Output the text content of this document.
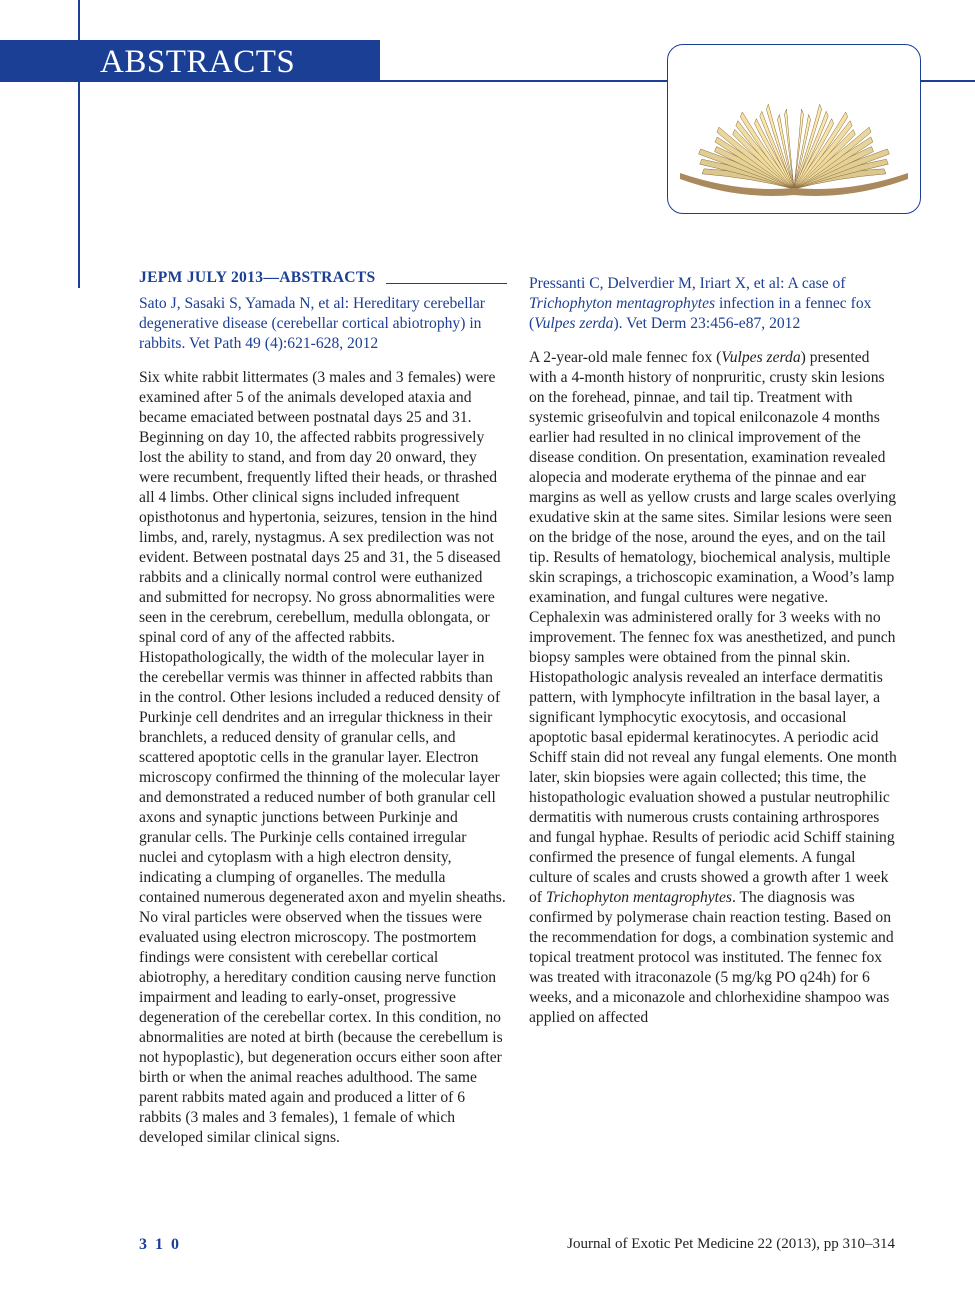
ABSTRACTS
JEPM JULY 2013—ABSTRACTS
Sato J, Sasaki S, Yamada N, et al: Hereditary cerebellar degenerative disease (cerebellar cortical abiotrophy) in rabbits. Vet Path 49 (4):621-628, 2012
Six white rabbit littermates (3 males and 3 females) were examined after 5 of the animals developed ataxia and became emaciated between postnatal days 25 and 31. Beginning on day 10, the affected rabbits progressively lost the ability to stand, and from day 20 onward, they were recumbent, frequently lifted their heads, or thrashed all 4 limbs. Other clinical signs included infrequent opisthotonus and hypertonia, seizures, tension in the hind limbs, and, rarely, nystagmus. A sex predilection was not evident. Between postnatal days 25 and 31, the 5 diseased rabbits and a clinically normal control were euthanized and submitted for necropsy. No gross abnormalities were seen in the cerebrum, cerebellum, medulla oblongata, or spinal cord of any of the affected rabbits. Histopathologically, the width of the molecular layer in the cerebellar vermis was thinner in affected rabbits than in the control. Other lesions included a reduced density of Purkinje cell dendrites and an irregular thickness in their branchlets, a reduced density of granular cells, and scattered apoptotic cells in the granular layer. Electron microscopy confirmed the thinning of the molecular layer and demonstrated a reduced number of both granular cell axons and synaptic junctions between Purkinje and granular cells. The Purkinje cells contained irregular nuclei and cytoplasm with a high electron density, indicating a clumping of organelles. The medulla contained numerous degenerated axon and myelin sheaths. No viral particles were observed when the tissues were evaluated using electron microscopy. The postmortem findings were consistent with cerebellar cortical abiotrophy, a hereditary condition causing nerve function impairment and leading to early-onset, progressive degeneration of the cerebellar cortex. In this condition, no abnormalities are noted at birth (because the cerebellum is not hypoplastic), but degeneration occurs either soon after birth or when the animal reaches adulthood. The same parent rabbits mated again and produced a litter of 6 rabbits (3 males and 3 females), 1 female of which developed similar clinical signs.
Pressanti C, Delverdier M, Iriart X, et al: A case of Trichophyton mentagrophytes infection in a fennec fox (Vulpes zerda). Vet Derm 23:456-e87, 2012
A 2-year-old male fennec fox (Vulpes zerda) presented with a 4-month history of nonpruritic, crusty skin lesions on the forehead, pinnae, and tail tip. Treatment with systemic griseofulvin and topical enilconazole 4 months earlier had resulted in no clinical improvement of the disease condition. On presentation, examination revealed alopecia and moderate erythema of the pinnae and ear margins as well as yellow crusts and large scales overlying exudative skin at the same sites. Similar lesions were seen on the bridge of the nose, around the eyes, and on the tail tip. Results of hematology, biochemical analysis, multiple skin scrapings, a trichoscopic examination, a Wood’s lamp examination, and fungal cultures were negative. Cephalexin was administered orally for 3 weeks with no improvement. The fennec fox was anesthetized, and punch biopsy samples were obtained from the pinnal skin. Histopathologic analysis revealed an interface dermatitis pattern, with lymphocyte infiltration in the basal layer, a significant lymphocytic exocytosis, and occasional apoptotic basal epidermal keratinocytes. A periodic acid Schiff stain did not reveal any fungal elements. One month later, skin biopsies were again collected; this time, the histopathologic evaluation showed a pustular neutrophilic dermatitis with numerous crusts containing arthrospores and fungal hyphae. Results of periodic acid Schiff staining confirmed the presence of fungal elements. A fungal culture of scales and crusts showed a growth after 1 week of Trichophyton mentagrophytes. The diagnosis was confirmed by polymerase chain reaction testing. Based on the recommendation for dogs, a combination systemic and topical treatment protocol was instituted. The fennec fox was treated with itraconazole (5 mg/kg PO q24h) for 6 weeks, and a miconazole and chlorhexidine shampoo was applied on affected
310	Journal of Exotic Pet Medicine 22 (2013), pp 310–314
